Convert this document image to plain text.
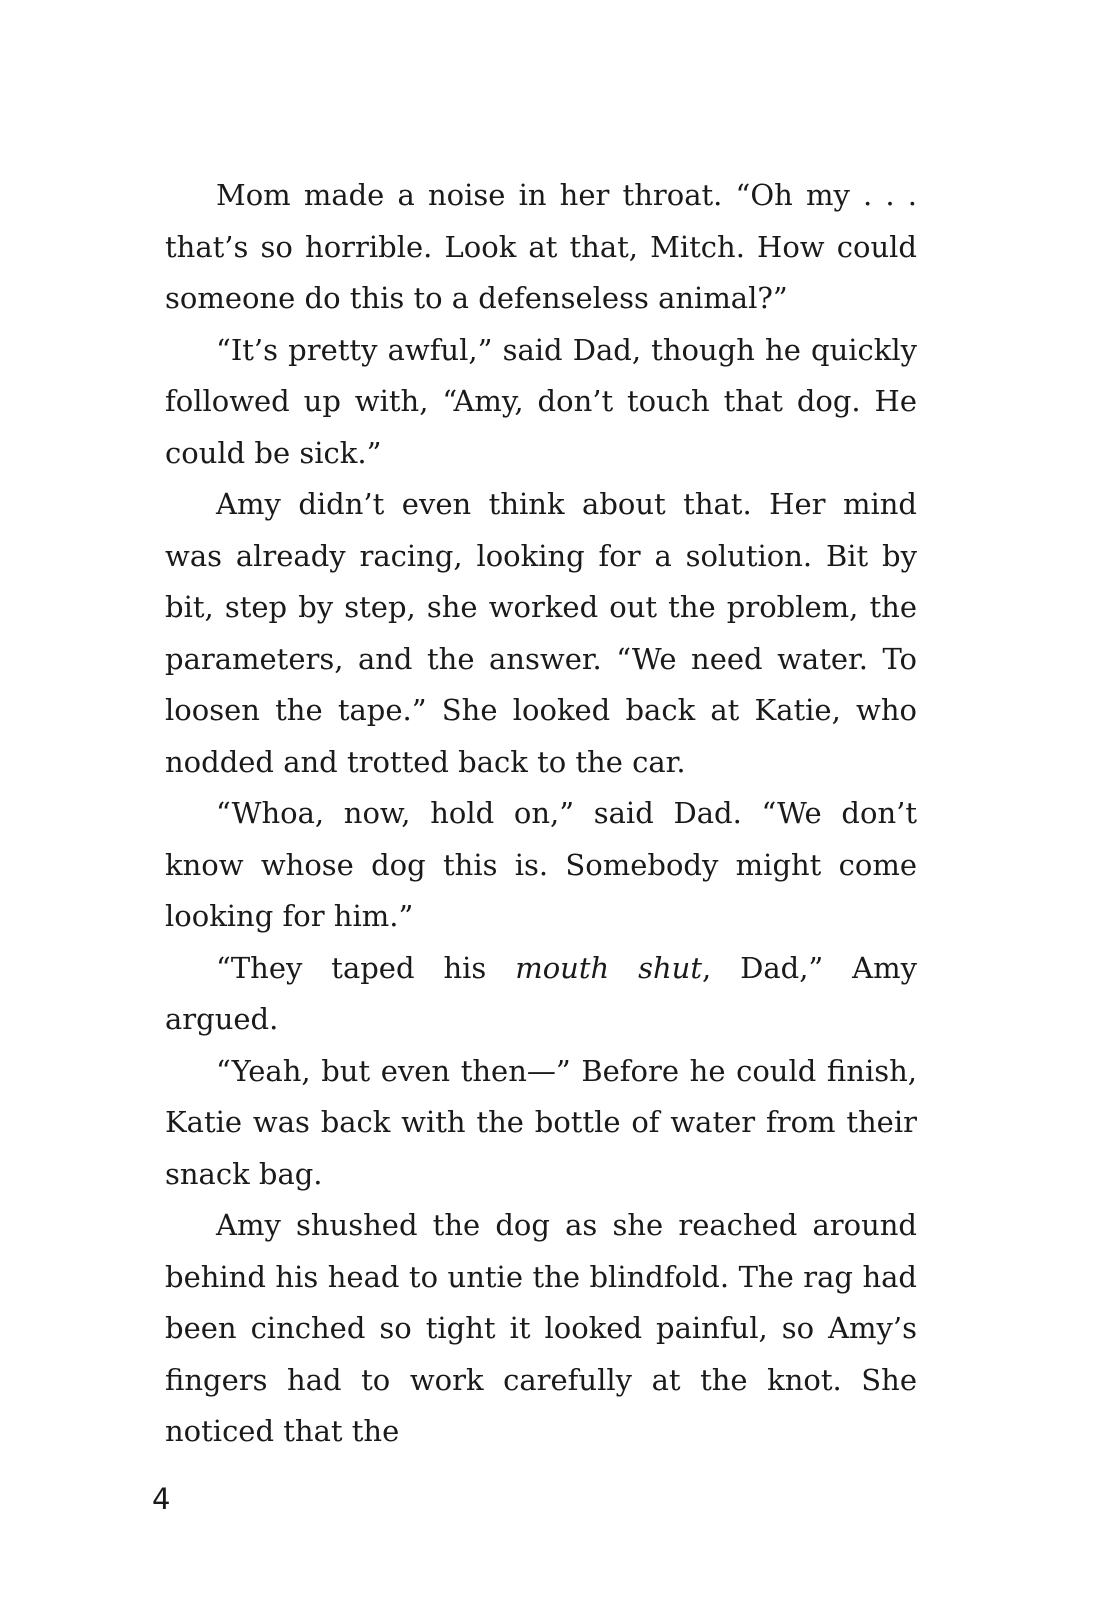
Mom made a noise in her throat. “Oh my . . . that’s so horrible. Look at that, Mitch. How could someone do this to a defenseless animal?”

“It’s pretty awful,” said Dad, though he quickly followed up with, “Amy, don’t touch that dog. He could be sick.”

Amy didn’t even think about that. Her mind was already racing, looking for a solution. Bit by bit, step by step, she worked out the problem, the parameters, and the answer. “We need water. To loosen the tape.” She looked back at Katie, who nodded and trotted back to the car.

“Whoa, now, hold on,” said Dad. “We don’t know whose dog this is. Somebody might come looking for him.”

“They taped his mouth shut, Dad,” Amy argued.

“Yeah, but even then—” Before he could finish, Katie was back with the bottle of water from their snack bag.

Amy shushed the dog as she reached around behind his head to untie the blindfold. The rag had been cinched so tight it looked painful, so Amy’s fingers had to work carefully at the knot. She noticed that the

4
